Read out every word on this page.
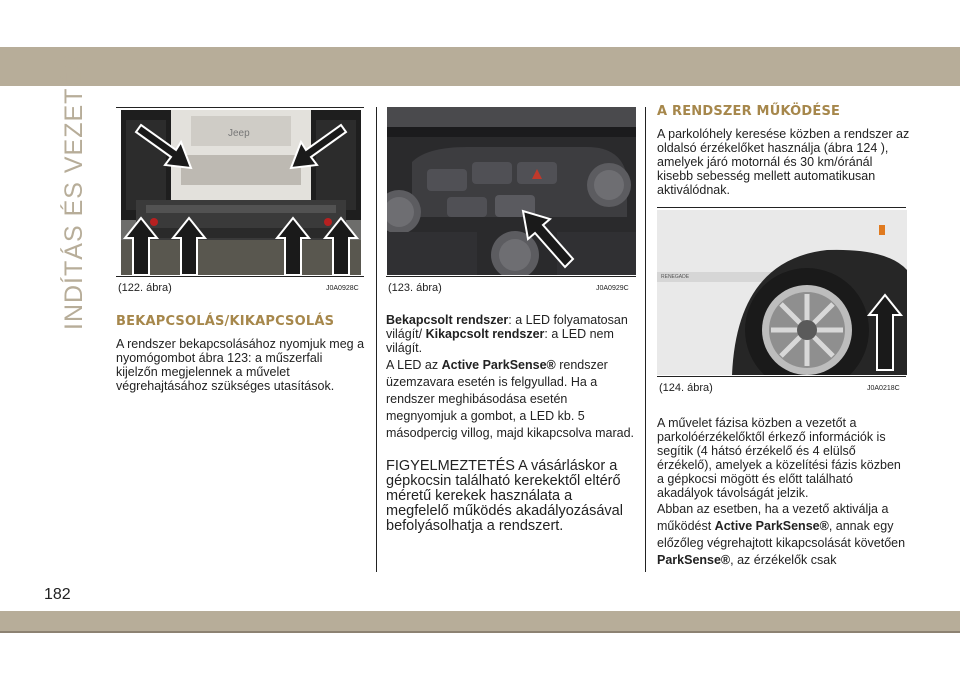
INDÍTÁS ÉS VEZETÉS
182
Jeep
(122. ábra)	J0A0928C
BEKAPCSOLÁS/KIKAPCSOLÁS

A rendszer bekapcsolásához nyomjuk meg a nyomógombot ábra 123: a műszerfali kijelzőn megjelennek a művelet végrehajtásához szükséges utasítások.

(123. ábra)	J0A0929C

Bekapcsolt rendszer: a LED folyamatosan világít/ Kikapcsolt rendszer: a LED nem világít.

A LED az Active ParkSense® rendszer üzemzavara esetén is felgyullad. Ha a rendszer meghibásodása esetén megnyomjuk a gombot, a LED kb. 5 másodpercig villog, majd kikapcsolva marad.

FIGYELMEZTETÉS A vásárláskor a gépkocsin található kerekektől eltérő méretű kerekek használata a megfelelő működés akadályozásával befolyásolhatja a rendszert.

A RENDSZER MŰKÖDÉSE

A parkolóhely keresése közben a rendszer az oldalsó érzékelőket használja (ábra 124 ), amelyek járó motornál és 30 km/óránál kisebb sebesség mellett automatikusan aktiválódnak.

RENEGADE
(124. ábra)	J0A0218C

A művelet fázisa közben a vezetőt a parkolóérzékelőktől érkező információk is segítik (4 hátsó érzékelő és 4 elülső érzékelő), amelyek a közelítési fázis közben a gépkocsi mögött és előtt található akadályok távolságát jelzik.

Abban az esetben, ha a vezető aktiválja a működést Active ParkSense®, annak egy előzőleg végrehajtott kikapcsolását követően ParkSense®, az érzékelők csak
